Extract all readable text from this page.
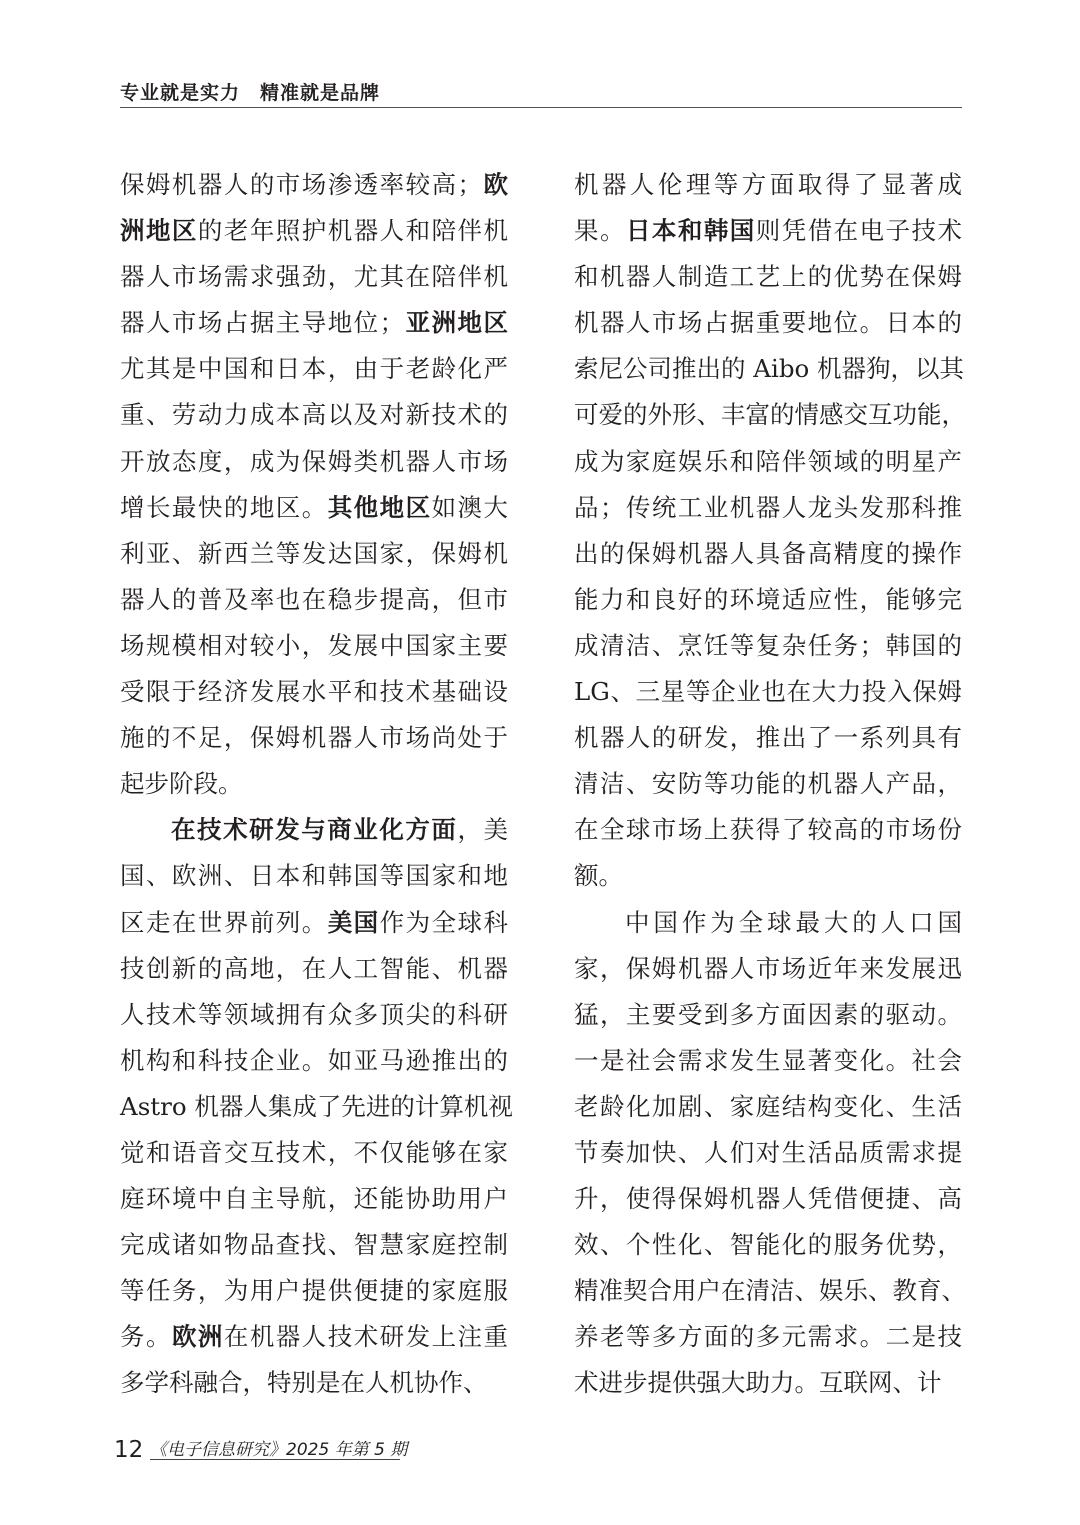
专业就是实力　精准就是品牌
保姆机器人的市场渗透率较高；欧
洲地区的老年照护机器人和陪伴机
器人市场需求强劲，尤其在陪伴机
器人市场占据主导地位；亚洲地区
尤其是中国和日本，由于老龄化严
重、劳动力成本高以及对新技术的
开放态度，成为保姆类机器人市场
增长最快的地区。其他地区如澳大
利亚、新西兰等发达国家，保姆机
器人的普及率也在稳步提高，但市
场规模相对较小，发展中国家主要
受限于经济发展水平和技术基础设
施的不足，保姆机器人市场尚处于
起步阶段。
在技术研发与商业化方面，美
国、欧洲、日本和韩国等国家和地
区走在世界前列。美国作为全球科
技创新的高地，在人工智能、机器
人技术等领域拥有众多顶尖的科研
机构和科技企业。如亚马逊推出的
Astro 机器人集成了先进的计算机视
觉和语音交互技术，不仅能够在家
庭环境中自主导航，还能协助用户
完成诸如物品查找、智慧家庭控制
等任务，为用户提供便捷的家庭服
务。欧洲在机器人技术研发上注重
多学科融合，特别是在人机协作、
机器人伦理等方面取得了显著成
果。日本和韩国则凭借在电子技术
和机器人制造工艺上的优势在保姆
机器人市场占据重要地位。日本的
索尼公司推出的 Aibo 机器狗，以其
可爱的外形、丰富的情感交互功能，
成为家庭娱乐和陪伴领域的明星产
品；传统工业机器人龙头发那科推
出的保姆机器人具备高精度的操作
能力和良好的环境适应性，能够完
成清洁、烹饪等复杂任务；韩国的
LG、三星等企业也在大力投入保姆
机器人的研发，推出了一系列具有
清洁、安防等功能的机器人产品，
在全球市场上获得了较高的市场份
额。
中国作为全球最大的人口国
家，保姆机器人市场近年来发展迅
猛，主要受到多方面因素的驱动。
一是社会需求发生显著变化。社会
老龄化加剧、家庭结构变化、生活
节奏加快、人们对生活品质需求提
升，使得保姆机器人凭借便捷、高
效、个性化、智能化的服务优势，
精准契合用户在清洁、娱乐、教育、
养老等多方面的多元需求。二是技
术进步提供强大助力。互联网、计
12 《电子信息研究》2025 年第 5 期
